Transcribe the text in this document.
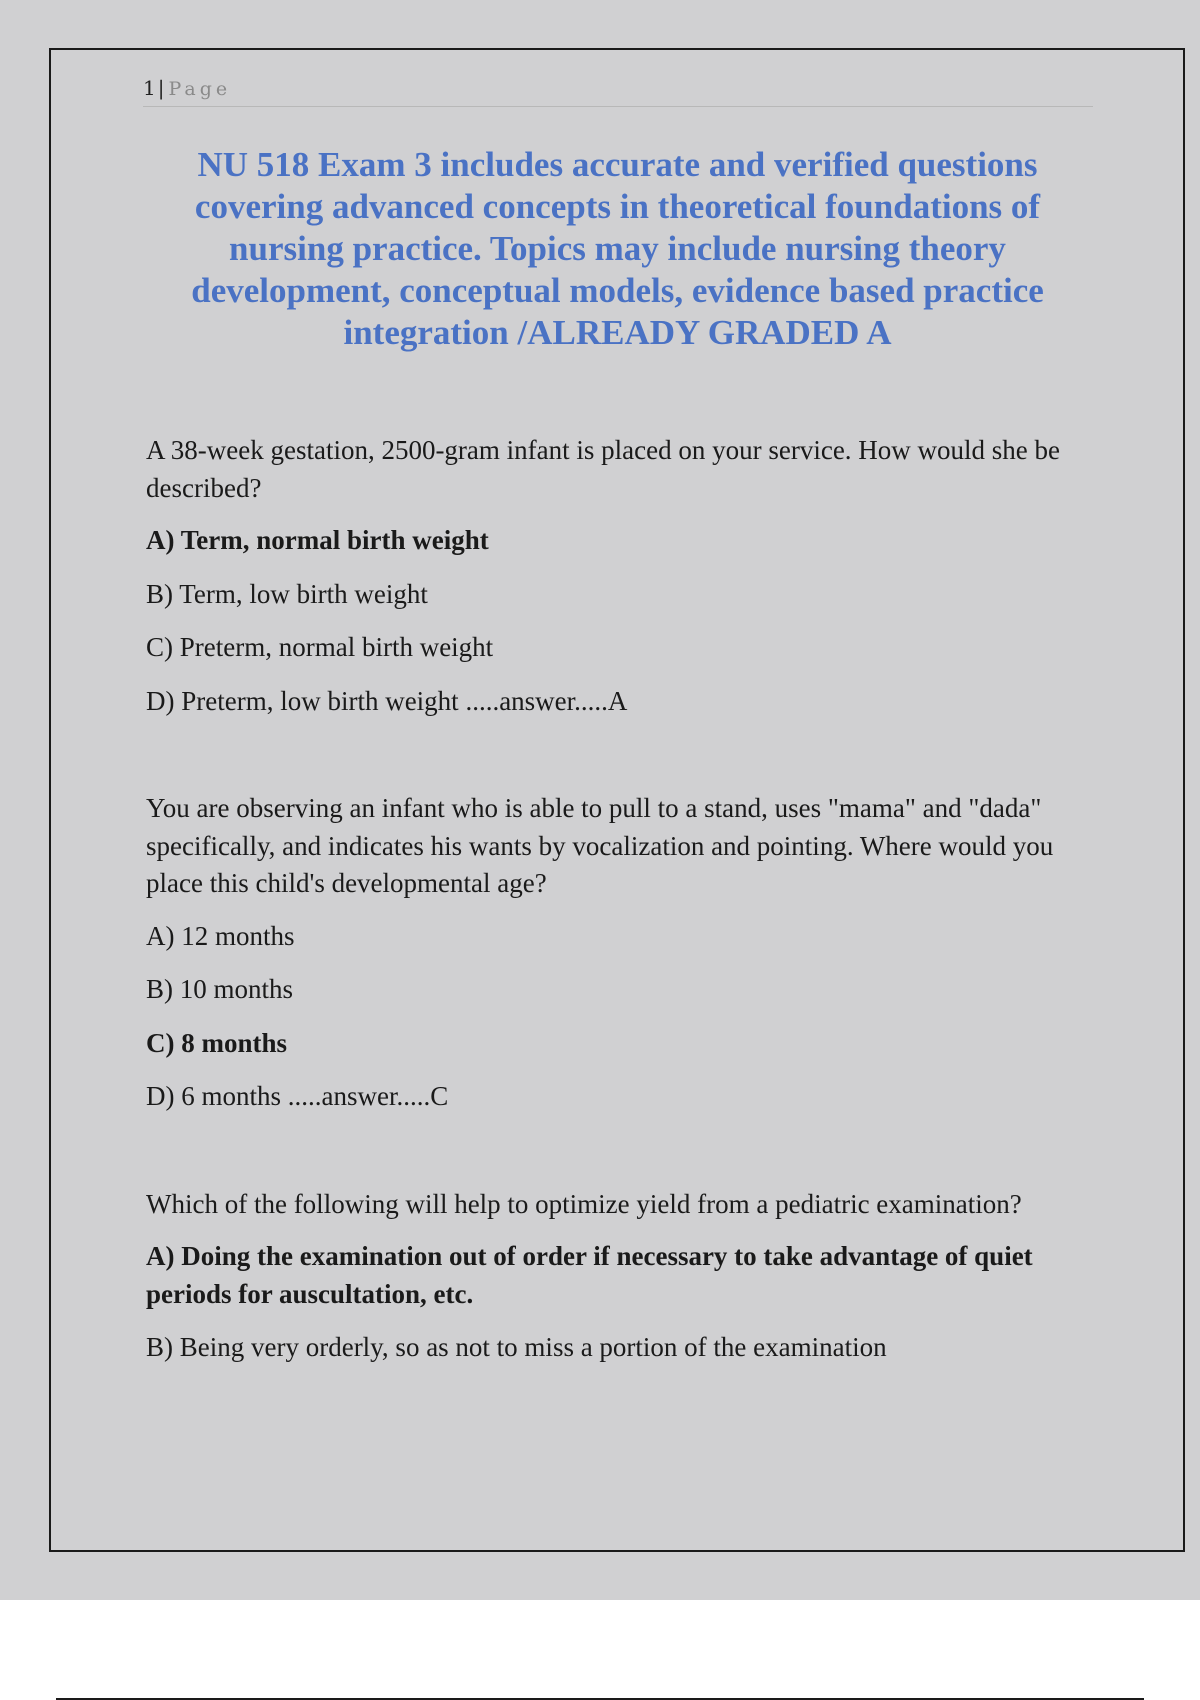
1 | Page
NU 518 Exam 3 includes accurate and verified questions covering advanced concepts in theoretical foundations of nursing practice. Topics may include nursing theory development, conceptual models, evidence based practice integration /ALREADY GRADED A

A 38-week gestation, 2500-gram infant is placed on your service. How would she be described?

A) Term, normal birth weight

B) Term, low birth weight

C) Preterm, normal birth weight

D) Preterm, low birth weight .....answer.....A

You are observing an infant who is able to pull to a stand, uses "mama" and "dada" specifically, and indicates his wants by vocalization and pointing. Where would you place this child's developmental age?

A) 12 months

B) 10 months

C) 8 months

D) 6 months .....answer.....C

Which of the following will help to optimize yield from a pediatric examination?

A) Doing the examination out of order if necessary to take advantage of quiet periods for auscultation, etc.

B) Being very orderly, so as not to miss a portion of the examination
